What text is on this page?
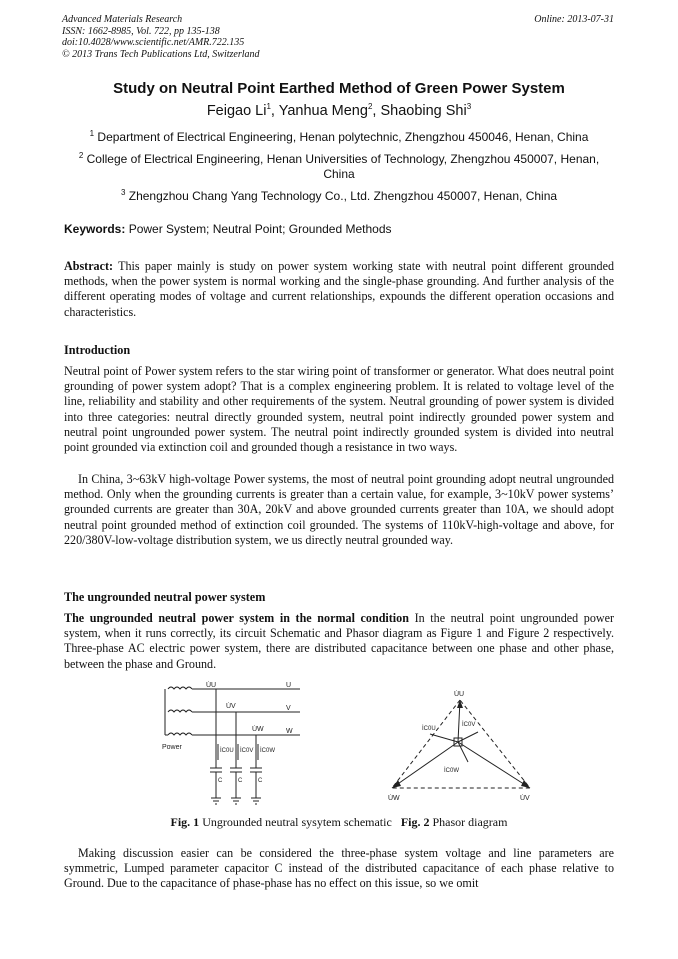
Advanced Materials Research
ISSN: 1662-8985, Vol. 722, pp 135-138
doi:10.4028/www.scientific.net/AMR.722.135
© 2013 Trans Tech Publications Ltd, Switzerland
Online: 2013-07-31
Study on Neutral Point Earthed Method of Green Power System
Feigao Li$^1$, Yanhua Meng$^2$, Shaobing Shi$^3$
$^1$ Department of Electrical Engineering, Henan polytechnic, Zhengzhou 450046, Henan, China
$^2$ College of Electrical Engineering, Henan Universities of Technology, Zhengzhou 450007, Henan, China
$^3$ Zhengzhou Chang Yang Technology Co., Ltd. Zhengzhou 450007, Henan, China
Keywords: Power System; Neutral Point; Grounded Methods
Abstract: This paper mainly is study on power system working state with neutral point different grounded methods, when the power system is normal working and the single-phase grounding. And further analysis of the different operating modes of voltage and current relationships, expounds the different operation occasions and characteristics.
Introduction
Neutral point of Power system refers to the star wiring point of transformer or generator. What does neutral point grounding of power system adopt? That is a complex engineering problem. It is related to voltage level of the line, reliability and stability and other requirements of the system. Neutral grounding of power system is divided into three categories: neutral directly grounded system, neutral point indirectly grounded power system and neutral point ungrounded power system. The neutral point indirectly grounded system is divided into neutral point grounded via extinction coil and grounded though a resistance in two ways.
In China, 3~63kV high-voltage Power systems, the most of neutral point grounding adopt neutral ungrounded method. Only when the grounding currents is greater than a certain value, for example, 3~10kV power systems’ grounded currents are greater than 30A, 20kV and above grounded currents greater than 10A, we should adopt neutral point grounded method of extinction coil grounded. The systems of 110kV-high-voltage and above, for 220/380V-low-voltage distribution system, we us directly neutral grounded way.
The ungrounded neutral power system
The ungrounded neutral power system in the normal condition In the neutral point ungrounded power system, when it runs correctly, its circuit Schematic and Phasor diagram as Figure 1 and Figure 2 respectively. Three-phase AC electric power system, there are distributed capacitance between one phase and other phase, between the phase and Ground.
U̇U
U̇V
U̇W
U
V
W
Power	İC0U İC0V İC0W
C	C	C
U̇U
U̇W	U̇V
İC0V
İC0U
İC0W
Fig. 1 Ungrounded neutral sysytem schematic Fig. 2 Phasor diagram
Making discussion easier can be considered the three-phase system voltage and line parameters are symmetric, Lumped parameter capacitor C instead of the distributed capacitance of each phase relative to Ground. Due to the capacitance of phase-phase has no effect on this issue, so we omit
